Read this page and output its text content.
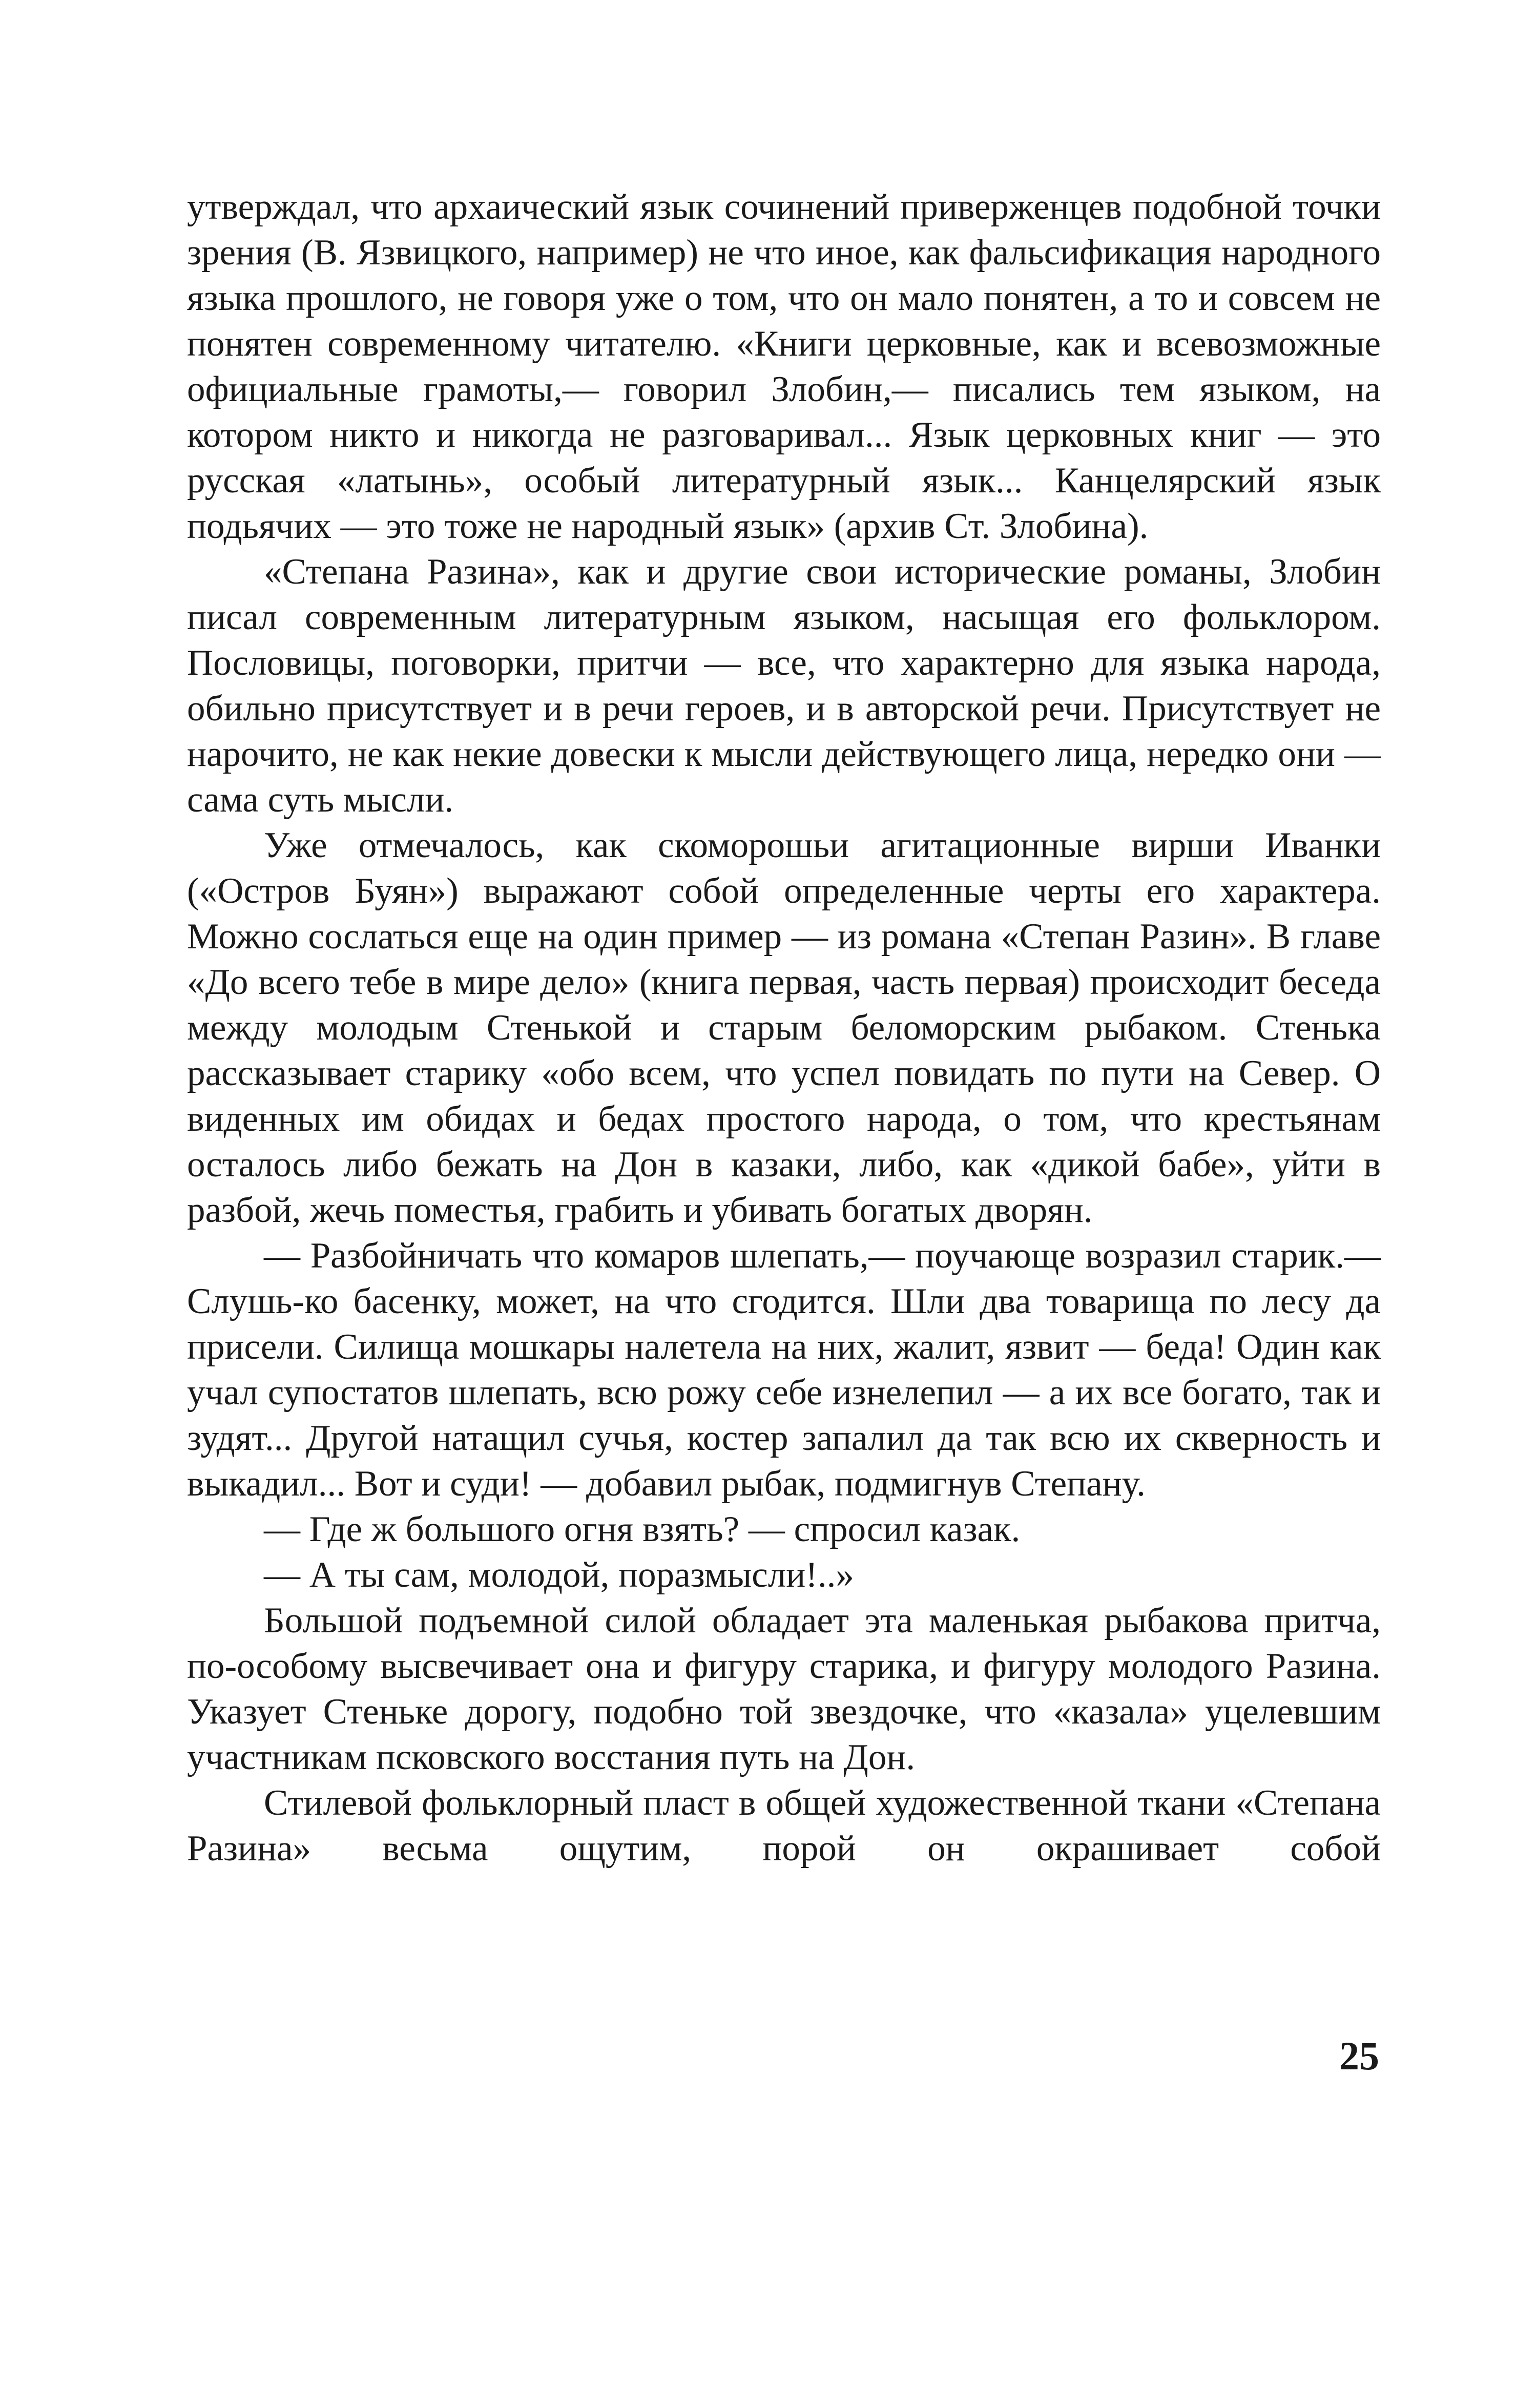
утверждал, что архаический язык сочинений приверженцев подобной точки зрения (В. Язвицкого, например) не что иное, как фальсификация народного языка прошлого, не говоря уже о том, что он мало понятен, а то и совсем не понятен современному читателю. «Книги церковные, как и всевозможные официальные грамоты,— говорил Злобин,— писались тем языком, на котором никто и никогда не разговаривал... Язык церковных книг — это русская «латынь», особый литературный язык... Канцелярский язык подьячих — это тоже не народный язык» (архив Ст. Злобина).

«Степана Разина», как и другие свои исторические романы, Злобин писал современным литературным языком, насыщая его фольклором. Пословицы, поговорки, притчи — все, что характерно для языка народа, обильно присутствует и в речи героев, и в авторской речи. Присутствует не нарочито, не как некие довески к мысли действующего лица, нередко они — сама суть мысли.

Уже отмечалось, как скоморошьи агитационные вирши Иванки («Остров Буян») выражают собой определенные черты его характера. Можно сослаться еще на один пример — из романа «Степан Разин». В главе «До всего тебе в мире дело» (книга первая, часть первая) происходит беседа между молодым Стенькой и старым беломорским рыбаком. Стенька рассказывает старику «обо всем, что успел повидать по пути на Север. О виденных им обидах и бедах простого народа, о том, что крестьянам осталось либо бежать на Дон в казаки, либо, как «дикой бабе», уйти в разбой, жечь поместья, грабить и убивать богатых дворян.

— Разбойничать что комаров шлепать,— поучающе возразил старик.— Слушь-ко басенку, может, на что сгодится. Шли два товарища по лесу да присели. Силища мошкары налетела на них, жалит, язвит — беда! Один как учал супостатов шлепать, всю рожу себе изнелепил — а их все богато, так и зудят... Другой натащил сучья, костер запалил да так всю их скверность и выкадил... Вот и суди! — добавил рыбак, подмигнув Степану.

— Где ж большого огня взять? — спросил казак.

— А ты сам, молодой, поразмысли!..»

Большой подъемной силой обладает эта маленькая рыбакова притча, по-особому высвечивает она и фигуру старика, и фигуру молодого Разина. Указует Стеньке дорогу, подобно той звездочке, что «казала» уцелевшим участникам псковского восстания путь на Дон.

Стилевой фольклорный пласт в общей художественной ткани «Степана Разина» весьма ощутим, порой он окрашивает собой

25
